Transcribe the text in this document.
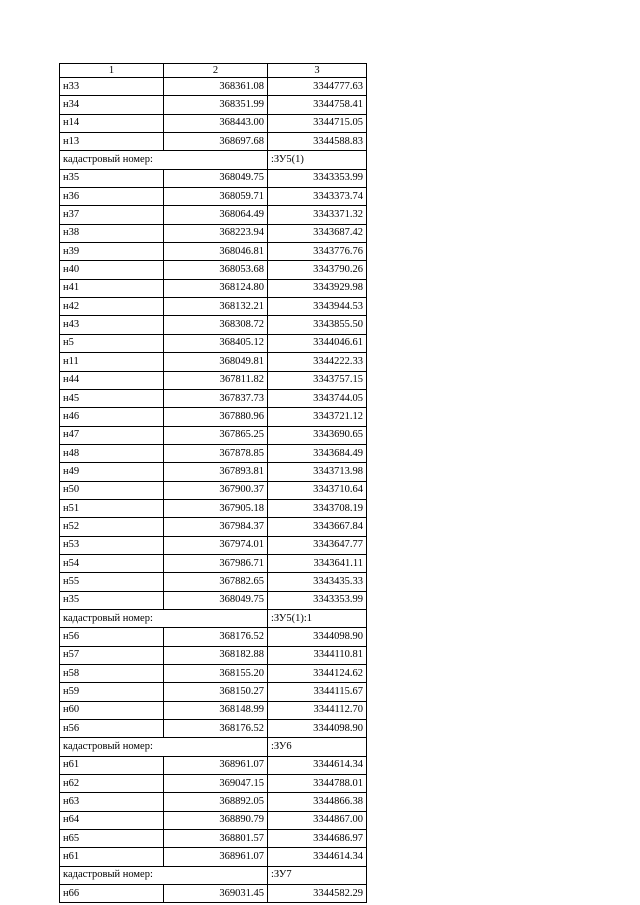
1	2	3
н33	368361.08	3344777.63
н34	368351.99	3344758.41
н14	368443.00	3344715.05
н13	368697.68	3344588.83
кадастровый номер:		:ЗУ5(1)
н35	368049.75	3343353.99
н36	368059.71	3343373.74
н37	368064.49	3343371.32
н38	368223.94	3343687.42
н39	368046.81	3343776.76
н40	368053.68	3343790.26
н41	368124.80	3343929.98
н42	368132.21	3343944.53
н43	368308.72	3343855.50
н5	368405.12	3344046.61
н11	368049.81	3344222.33
н44	367811.82	3343757.15
н45	367837.73	3343744.05
н46	367880.96	3343721.12
н47	367865.25	3343690.65
н48	367878.85	3343684.49
н49	367893.81	3343713.98
н50	367900.37	3343710.64
н51	367905.18	3343708.19
н52	367984.37	3343667.84
н53	367974.01	3343647.77
н54	367986.71	3343641.11
н55	367882.65	3343435.33
н35	368049.75	3343353.99
кадастровый номер:		:ЗУ5(1):1
н56	368176.52	3344098.90
н57	368182.88	3344110.81
н58	368155.20	3344124.62
н59	368150.27	3344115.67
н60	368148.99	3344112.70
н56	368176.52	3344098.90
кадастровый номер:		:ЗУ6
н61	368961.07	3344614.34
н62	369047.15	3344788.01
н63	368892.05	3344866.38
н64	368890.79	3344867.00
н65	368801.57	3344686.97
н61	368961.07	3344614.34
кадастровый номер:		:ЗУ7
н66	369031.45	3344582.29
